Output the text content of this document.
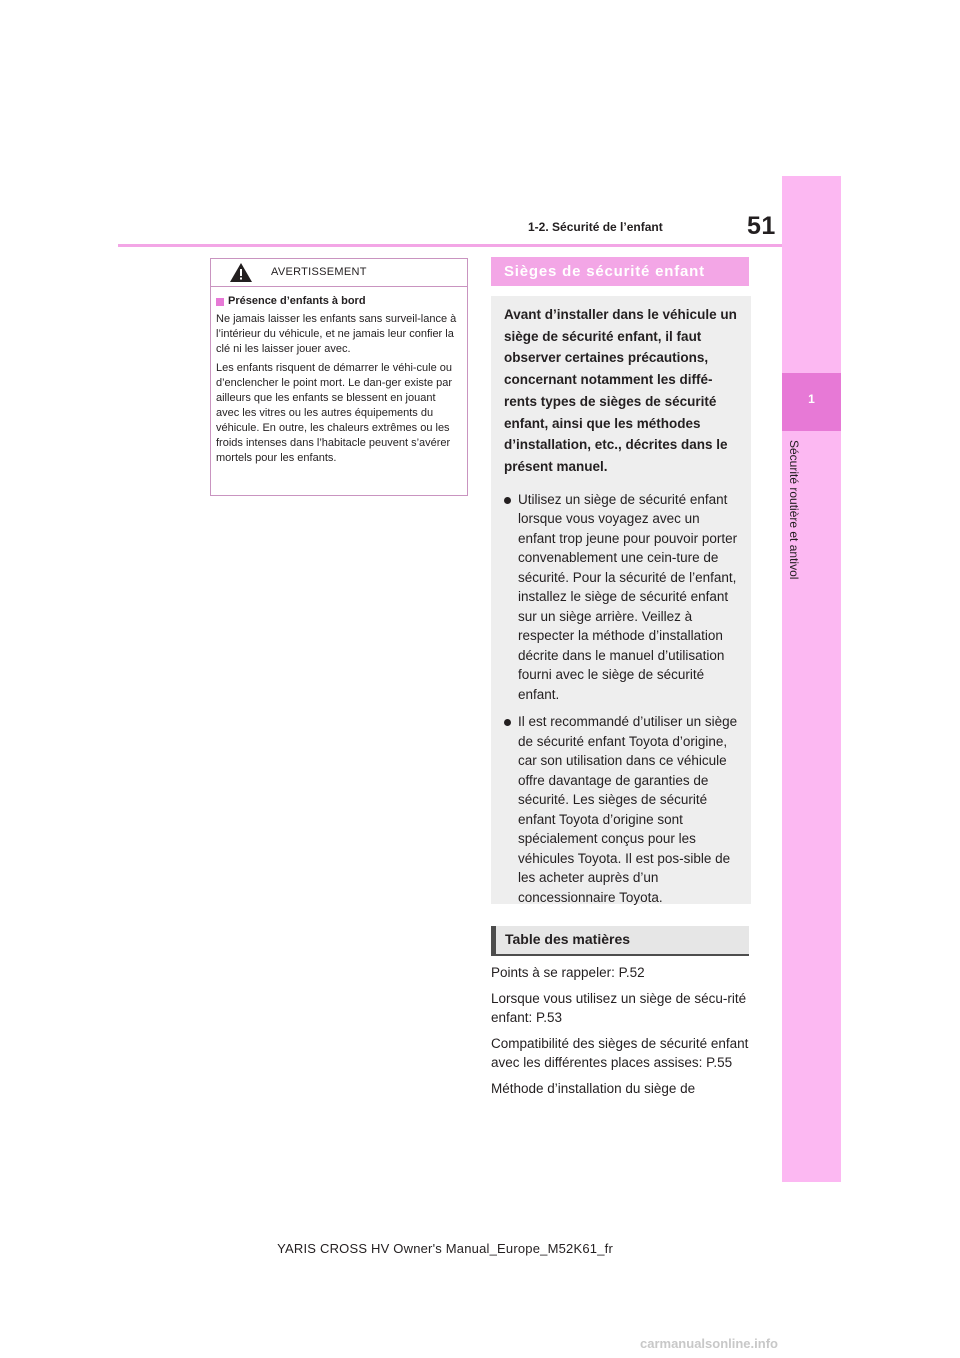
1
Sécurité routière et antivol
1-2. Sécurité de l’enfant	51
AVERTISSEMENT
Présence d’enfants à bord

Ne jamais laisser les enfants sans surveil-lance à l’intérieur du véhicule, et ne jamais leur confier la clé ni les laisser jouer avec.

Les enfants risquent de démarrer le véhi-cule ou d’enclencher le point mort. Le dan-ger existe par ailleurs que les enfants se blessent en jouant avec les vitres ou les autres équipements du véhicule. En outre, les chaleurs extrêmes ou les froids intenses dans l’habitacle peuvent s’avérer mortels pour les enfants.

Sièges de sécurité enfant

Avant d’installer dans le véhicule un siège de sécurité enfant, il faut observer certaines précautions, concernant notamment les diffé-rents types de sièges de sécurité enfant, ainsi que les méthodes d’installation, etc., décrites dans le présent manuel.

Utilisez un siège de sécurité enfant lorsque vous voyagez avec un enfant trop jeune pour pouvoir porter convenablement une cein-ture de sécurité. Pour la sécurité de l’enfant, installez le siège de sécurité enfant sur un siège arrière. Veillez à respecter la méthode d’installation décrite dans le manuel d’utilisation fourni avec le siège de sécurité enfant.
Il est recommandé d’utiliser un siège de sécurité enfant Toyota d’origine, car son utilisation dans ce véhicule offre davantage de garanties de sécurité. Les sièges de sécurité enfant Toyota d’origine sont spécialement conçus pour les véhicules Toyota. Il est pos-sible de les acheter auprès d’un concessionnaire Toyota.
Table des matières
Points à se rappeler: P.52
Lorsque vous utilisez un siège de sécu-rité enfant: P.53
Compatibilité des sièges de sécurité enfant avec les différentes places assises: P.55
Méthode d’installation du siège de
YARIS CROSS HV Owner's Manual_Europe_M52K61_fr
carmanualsonline.info
